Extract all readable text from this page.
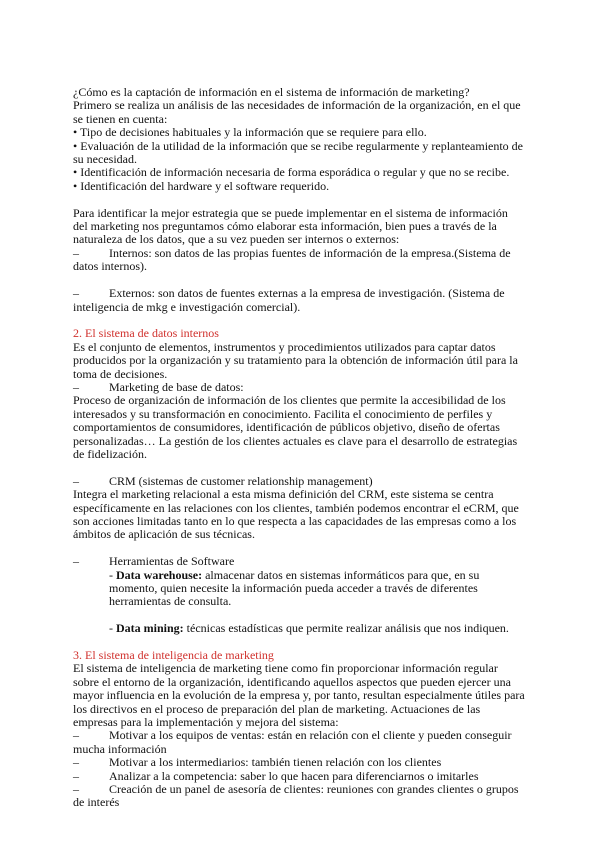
¿Cómo es la captación de información en el sistema de información de marketing?

Primero se realiza un análisis de las necesidades de información de la organización, en el que se tienen en cuenta:

• Tipo de decisiones habituales y la información que se requiere para ello.

• Evaluación de la utilidad de la información que se recibe regularmente y replanteamiento de su necesidad.

• Identificación de información necesaria de forma esporádica o regular y que no se recibe.

• Identificación del hardware y el software requerido.

Para identificar la mejor estrategia que se puede implementar en el sistema de información del marketing nos preguntamos cómo elaborar esta información, bien pues a través de la naturaleza de los datos, que a su vez pueden ser internos o externos:

–	Internos: son datos de las propias fuentes de información de la empresa.(Sistema de datos internos).

–	Externos: son datos de fuentes externas a la empresa de investigación. (Sistema de inteligencia de mkg e investigación comercial).

2. El sistema de datos internos

Es el conjunto de elementos, instrumentos y procedimientos utilizados para captar datos producidos por la organización y su tratamiento para la obtención de información útil para la toma de decisiones.

–	Marketing de base de datos:

Proceso de organización de información de los clientes que permite la accesibilidad de los interesados y su transformación en conocimiento. Facilita el conocimiento de perfiles y comportamientos de consumidores, identificación de públicos objetivo, diseño de ofertas personalizadas… La gestión de los clientes actuales es clave para el desarrollo de estrategias de fidelización.

–	CRM (sistemas de customer relationship management)

Integra el marketing relacional a esta misma definición del CRM, este sistema se centra específicamente en las relaciones con los clientes, también podemos encontrar el eCRM, que son acciones limitadas tanto en lo que respecta a las capacidades de las empresas como a los ámbitos de aplicación de sus técnicas.

–	Herramientas de Software

- Data warehouse: almacenar datos en sistemas informáticos para que, en su momento, quien necesite la información pueda acceder a través de diferentes herramientas de consulta.

- Data mining: técnicas estadísticas que permite realizar análisis que nos indiquen.

3. El sistema de inteligencia de marketing

El sistema de inteligencia de marketing tiene como fin proporcionar información regular sobre el entorno de la organización, identificando aquellos aspectos que pueden ejercer una mayor influencia en la evolución de la empresa y, por tanto, resultan especialmente útiles para los directivos en el proceso de preparación del plan de marketing. Actuaciones de las empresas para la implementación y mejora del sistema:

–	Motivar a los equipos de ventas: están en relación con el cliente y pueden conseguir mucha información

–	Motivar a los intermediarios: también tienen relación con los clientes
–	Analizar a la competencia: saber lo que hacen para diferenciarnos o imitarles
–	Creación de un panel de asesoría de clientes: reuniones con grandes clientes o grupos de interés
